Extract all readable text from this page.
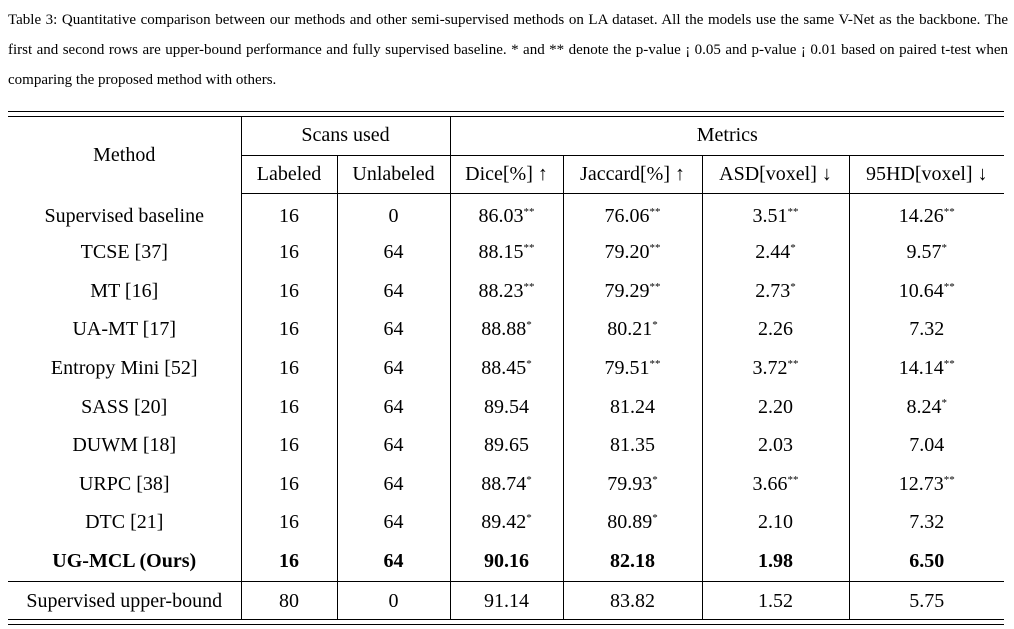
Table 3: Quantitative comparison between our methods and other semi-supervised methods on LA dataset. All the models use the same V-Net as the backbone. The first and second rows are upper-bound performance and fully supervised baseline. * and ** denote the p-value ¡ 0.05 and p-value ¡ 0.01 based on paired t-test when comparing the proposed method with others.
Method	Scans used		Metrics			
	Labeled	Unlabeled	Dice[%] ↑	Jaccard[%] ↑	ASD[voxel] ↓	95HD[voxel] ↓
Supervised baseline	16	0	86.03**	76.06**	3.51**	14.26**
TCSE [37]	16	64	88.15**	79.20**	2.44*	9.57*
MT [16]	16	64	88.23**	79.29**	2.73*	10.64**
UA-MT [17]	16	64	88.88*	80.21*	2.26	7.32
Entropy Mini [52]	16	64	88.45*	79.51**	3.72**	14.14**
SASS [20]	16	64	89.54	81.24	2.20	8.24*
DUWM [18]	16	64	89.65	81.35	2.03	7.04
URPC [38]	16	64	88.74*	79.93*	3.66**	12.73**
DTC [21]	16	64	89.42*	80.89*	2.10	7.32
UG-MCL (Ours)	16	64	90.16	82.18	1.98	6.50
Supervised upper-bound	80	0	91.14	83.82	1.52	5.75
